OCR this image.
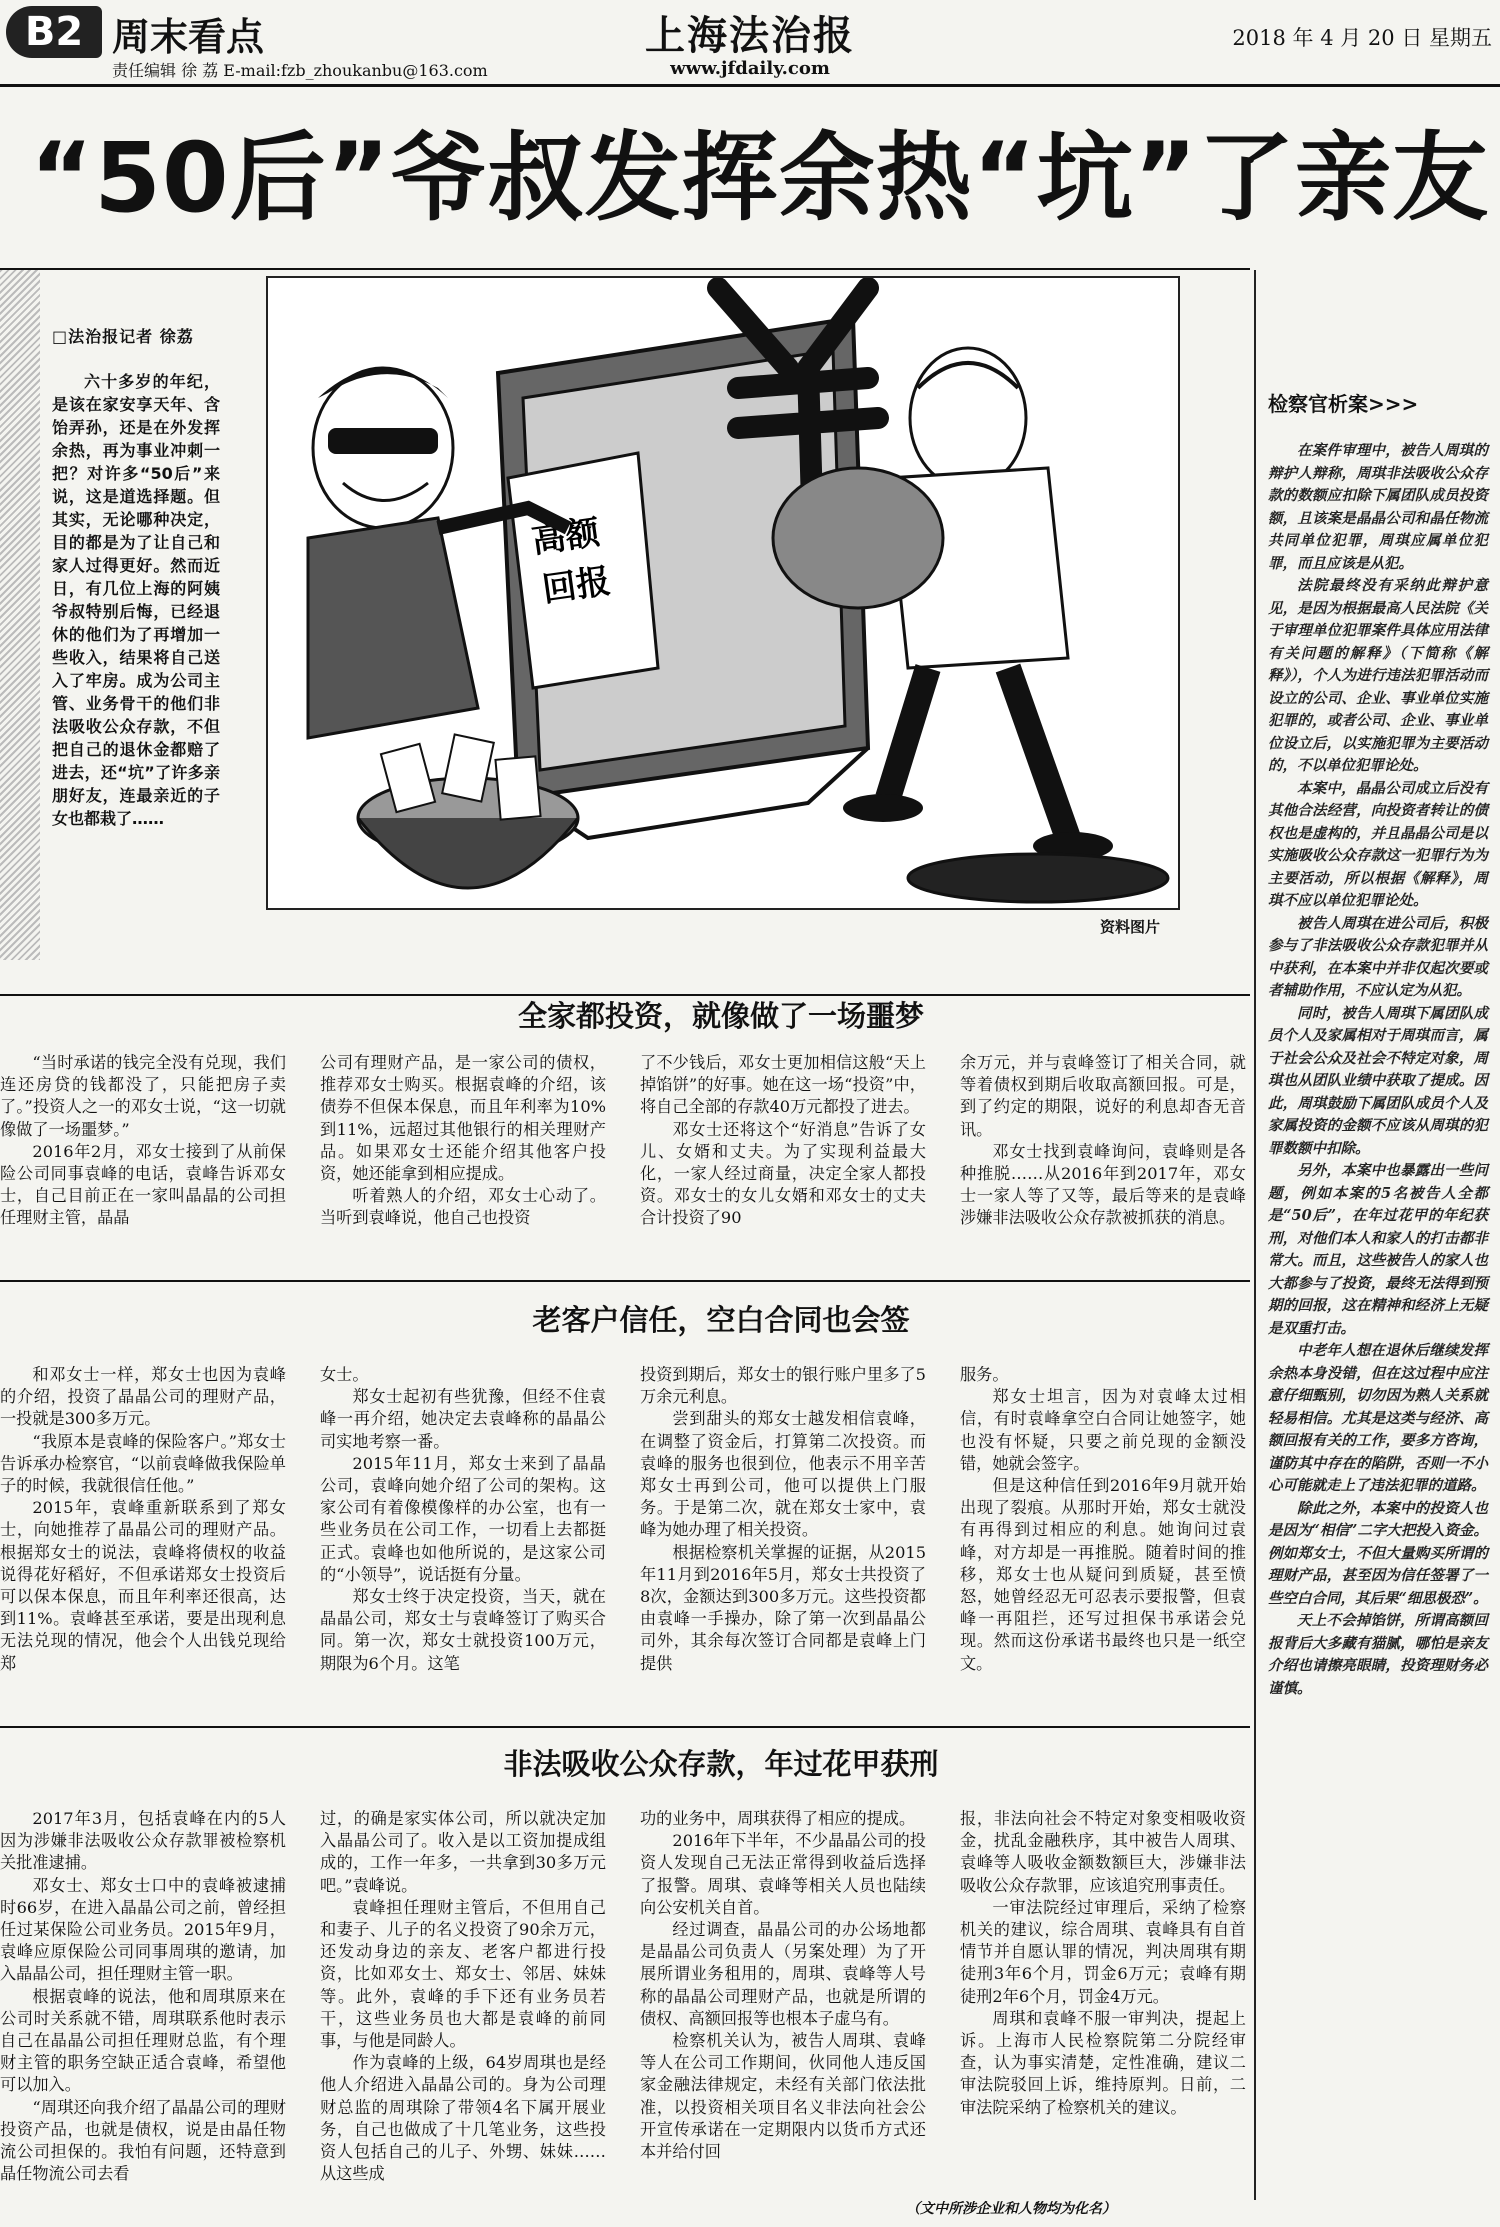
B2 周末看点
责任编辑 徐 荔 E-mail:fzb_zhoukanbu@163.com
上海法治报
www.jfdaily.com
2018 年 4 月 20 日 星期五
“50后”爷叔发挥余热“坑”了亲友
□法治报记者 徐荔
六十多岁的年纪，是该在家安享天年、含饴弄孙，还是在外发挥余热，再为事业冲刺一把？对许多“50后”来说，这是道选择题。但其实，无论哪种决定，目的都是为了让自己和家人过得更好。然而近日，有几位上海的阿姨爷叔特别后悔，已经退休的他们为了再增加一些收入，结果将自己送入了牢房。成为公司主管、业务骨干的他们非法吸收公众存款，不但把自己的退休金都赔了进去，还“坑”了许多亲朋好友，连最亲近的子女也都栽了……
高额
回报
资料图片
检察官析案>>>

在案件审理中，被告人周琪的辩护人辩称，周琪非法吸收公众存款的数额应扣除下属团队成员投资额，且该案是晶晶公司和晶任物流共同单位犯罪，周琪应属单位犯罪，而且应该是从犯。

法院最终没有采纳此辩护意见，是因为根据最高人民法院《关于审理单位犯罪案件具体应用法律有关问题的解释》（下简称《解释》），个人为进行违法犯罪活动而设立的公司、企业、事业单位实施犯罪的，或者公司、企业、事业单位设立后，以实施犯罪为主要活动的，不以单位犯罪论处。

本案中，晶晶公司成立后没有其他合法经营，向投资者转让的债权也是虚构的，并且晶晶公司是以实施吸收公众存款这一犯罪行为为主要活动，所以根据《解释》，周琪不应以单位犯罪论处。

被告人周琪在进公司后，积极参与了非法吸收公众存款犯罪并从中获利，在本案中并非仅起次要或者辅助作用，不应认定为从犯。

同时，被告人周琪下属团队成员个人及家属相对于周琪而言，属于社会公众及社会不特定对象，周琪也从团队业绩中获取了提成。因此，周琪鼓励下属团队成员个人及家属投资的金额不应该从周琪的犯罪数额中扣除。

另外，本案中也暴露出一些问题，例如本案的5名被告人全都是“50后”，在年过花甲的年纪获刑，对他们本人和家人的打击都非常大。而且，这些被告人的家人也大都参与了投资，最终无法得到预期的回报，这在精神和经济上无疑是双重打击。

中老年人想在退休后继续发挥余热本身没错，但在这过程中应注意仔细甄别，切勿因为熟人关系就轻易相信。尤其是这类与经济、高额回报有关的工作，要多方咨询，谨防其中存在的陷阱，否则一不小心可能就走上了违法犯罪的道路。

除此之外，本案中的投资人也是因为“相信”二字大把投入资金。例如郑女士，不但大量购买所谓的理财产品，甚至因为信任签署了一些空白合同，其后果“细思极恐”。

天上不会掉馅饼，所谓高额回报背后大多藏有猫腻，哪怕是亲友介绍也请擦亮眼睛，投资理财务必谨慎。

全家都投资，就像做了一场噩梦

“当时承诺的钱完全没有兑现，我们连还房贷的钱都没了，只能把房子卖了。”投资人之一的邓女士说，“这一切就像做了一场噩梦。”

2016年2月，邓女士接到了从前保险公司同事袁峰的电话，袁峰告诉邓女士，自己目前正在一家叫晶晶的公司担任理财主管，晶晶

公司有理财产品，是一家公司的债权，推荐邓女士购买。根据袁峰的介绍，该债券不但保本保息，而且年利率为10%到11%，远超过其他银行的相关理财产品。如果邓女士还能介绍其他客户投资，她还能拿到相应提成。

听着熟人的介绍，邓女士心动了。当听到袁峰说，他自己也投资

了不少钱后，邓女士更加相信这般“天上掉馅饼”的好事。她在这一场“投资”中，将自己全部的存款40万元都投了进去。

邓女士还将这个“好消息”告诉了女儿、女婿和丈夫。为了实现利益最大化，一家人经过商量，决定全家人都投资。邓女士的女儿女婿和邓女士的丈夫合计投资了90

余万元，并与袁峰签订了相关合同，就等着债权到期后收取高额回报。可是，到了约定的期限，说好的利息却杳无音讯。

邓女士找到袁峰询问，袁峰则是各种推脱……从2016年到2017年，邓女士一家人等了又等，最后等来的是袁峰涉嫌非法吸收公众存款被抓获的消息。

老客户信任，空白合同也会签

和邓女士一样，郑女士也因为袁峰的介绍，投资了晶晶公司的理财产品，一投就是300多万元。

“我原本是袁峰的保险客户。”郑女士告诉承办检察官，“以前袁峰做我保险单子的时候，我就很信任他。”

2015年，袁峰重新联系到了郑女士，向她推荐了晶晶公司的理财产品。根据郑女士的说法，袁峰将债权的收益说得花好稻好，不但承诺郑女士投资后可以保本保息，而且年利率还很高，达到11%。袁峰甚至承诺，要是出现利息无法兑现的情况，他会个人出钱兑现给郑

女士。

郑女士起初有些犹豫，但经不住袁峰一再介绍，她决定去袁峰称的晶晶公司实地考察一番。

2015年11月，郑女士来到了晶晶公司，袁峰向她介绍了公司的架构。这家公司有着像模像样的办公室，也有一些业务员在公司工作，一切看上去都挺正式。袁峰也如他所说的，是这家公司的“小领导”，说话挺有分量。

郑女士终于决定投资，当天，就在晶晶公司，郑女士与袁峰签订了购买合同。第一次，郑女士就投资100万元，期限为6个月。这笔

投资到期后，郑女士的银行账户里多了5万余元利息。

尝到甜头的郑女士越发相信袁峰，在调整了资金后，打算第二次投资。而袁峰的服务也很到位，他表示不用辛苦郑女士再到公司，他可以提供上门服务。于是第二次，就在郑女士家中，袁峰为她办理了相关投资。

根据检察机关掌握的证据，从2015年11月到2016年5月，郑女士共投资了8次，金额达到300多万元。这些投资都由袁峰一手操办，除了第一次到晶晶公司外，其余每次签订合同都是袁峰上门提供

服务。

郑女士坦言，因为对袁峰太过相信，有时袁峰拿空白合同让她签字，她也没有怀疑，只要之前兑现的金额没错，她就会签字。

但是这种信任到2016年9月就开始出现了裂痕。从那时开始，郑女士就没有再得到过相应的利息。她询问过袁峰，对方却是一再推脱。随着时间的推移，郑女士也从疑问到质疑，甚至愤怒，她曾经忍无可忍表示要报警，但袁峰一再阻拦，还写过担保书承诺会兑现。然而这份承诺书最终也只是一纸空文。

非法吸收公众存款，年过花甲获刑

2017年3月，包括袁峰在内的5人因为涉嫌非法吸收公众存款罪被检察机关批准逮捕。

邓女士、郑女士口中的袁峰被逮捕时66岁，在进入晶晶公司之前，曾经担任过某保险公司业务员。2015年9月，袁峰应原保险公司同事周琪的邀请，加入晶晶公司，担任理财主管一职。

根据袁峰的说法，他和周琪原来在公司时关系就不错，周琪联系他时表示自己在晶晶公司担任理财总监，有个理财主管的职务空缺正适合袁峰，希望他可以加入。

“周琪还向我介绍了晶晶公司的理财投资产品，也就是债权，说是由晶任物流公司担保的。我怕有问题，还特意到晶任物流公司去看

过，的确是家实体公司，所以就决定加入晶晶公司了。收入是以工资加提成组成的，工作一年多，一共拿到30多万元吧。”袁峰说。

袁峰担任理财主管后，不但用自己和妻子、儿子的名义投资了90余万元，还发动身边的亲友、老客户都进行投资，比如邓女士、郑女士、邻居、妹妹等。此外，袁峰的手下还有业务员若干，这些业务员也大都是袁峰的前同事，与他是同龄人。

作为袁峰的上级，64岁周琪也是经他人介绍进入晶晶公司的。身为公司理财总监的周琪除了带领4名下属开展业务，自己也做成了十几笔业务，这些投资人包括自己的儿子、外甥、妹妹……从这些成

功的业务中，周琪获得了相应的提成。

2016年下半年，不少晶晶公司的投资人发现自己无法正常得到收益后选择了报警。周琪、袁峰等相关人员也陆续向公安机关自首。

经过调查，晶晶公司的办公场地都是晶晶公司负责人（另案处理）为了开展所谓业务租用的，周琪、袁峰等人号称的晶晶公司理财产品，也就是所谓的债权、高额回报等也根本子虚乌有。

检察机关认为，被告人周琪、袁峰等人在公司工作期间，伙同他人违反国家金融法律规定，未经有关部门依法批准，以投资相关项目名义非法向社会公开宣传承诺在一定期限内以货币方式还本并给付回

报，非法向社会不特定对象变相吸收资金，扰乱金融秩序，其中被告人周琪、袁峰等人吸收金额数额巨大，涉嫌非法吸收公众存款罪，应该追究刑事责任。

一审法院经过审理后，采纳了检察机关的建议，综合周琪、袁峰具有自首情节并自愿认罪的情况，判决周琪有期徒刑3年6个月，罚金6万元；袁峰有期徒刑2年6个月，罚金4万元。

周琪和袁峰不服一审判决，提起上诉。上海市人民检察院第二分院经审查，认为事实清楚，定性准确，建议二审法院驳回上诉，维持原判。日前，二审法院采纳了检察机关的建议。

（文中所涉企业和人物均为化名）
